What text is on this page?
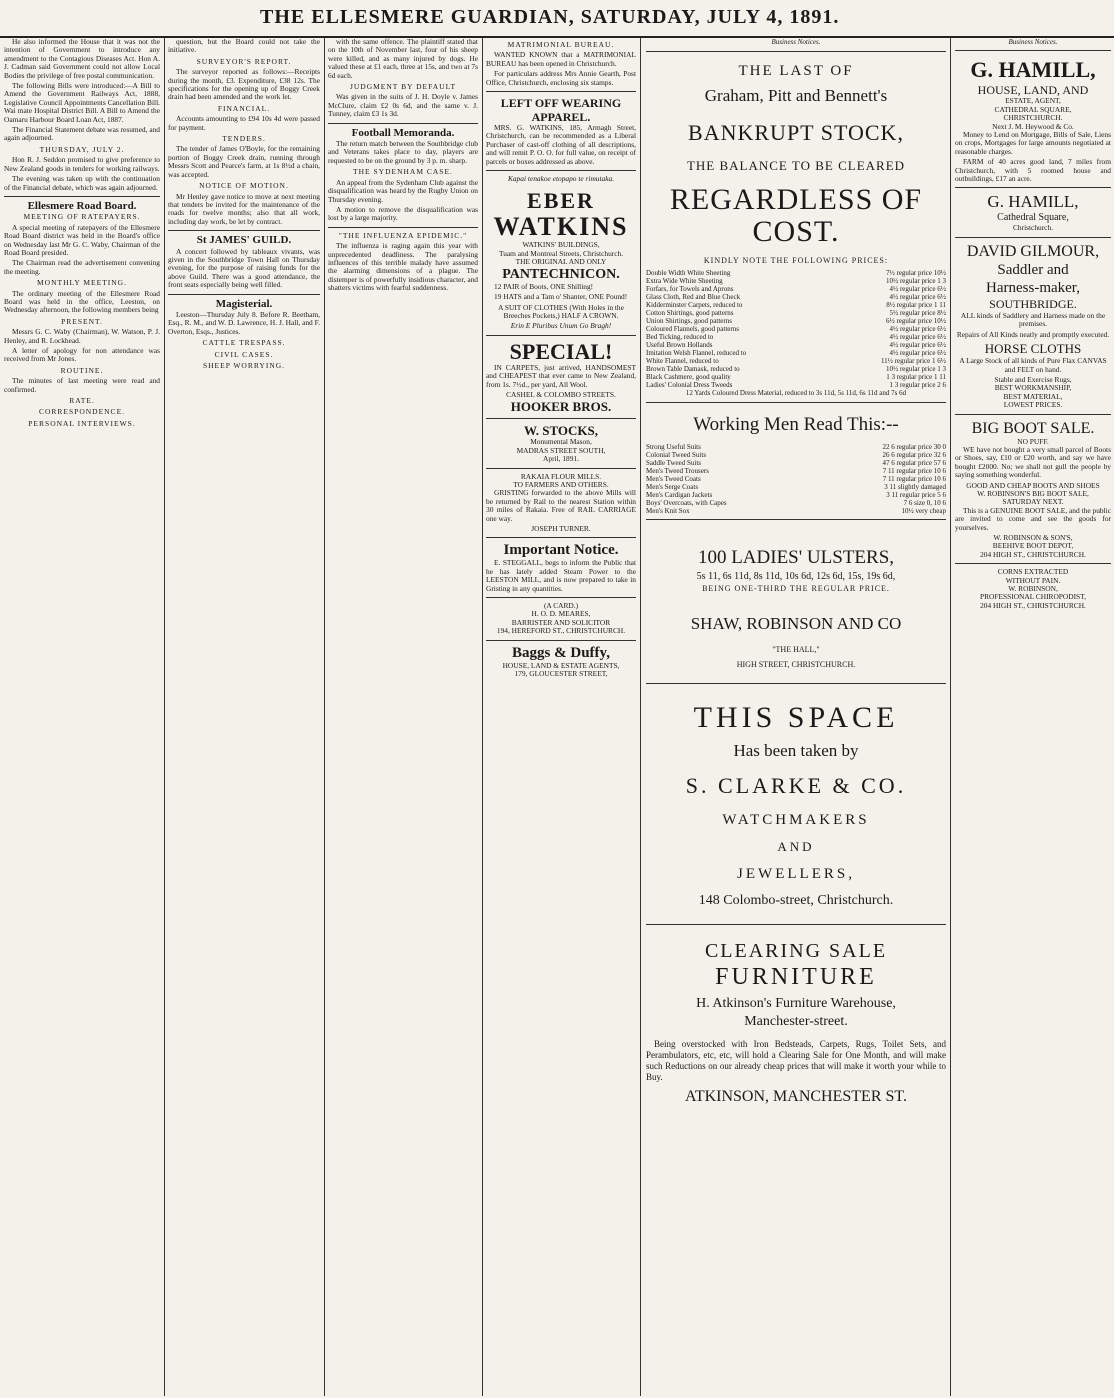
THE ELLESMERE GUARDIAN, SATURDAY, JULY 4, 1891.

He also informed the House that it was not the intention of Government to introduce any amendment to the Contagious Diseases Act. Hon A. J. Cadman said Government could not allow Local Bodies the privilege of free postal communication.

The following Bills were introduced:—A Bill to Amend the Government Railways Act, 1888, Legislative Council Appointments Cancellation Bill. Wai mate Hospital District Bill. A Bill to Amend the Oamaru Harbour Board Loan Act, 1887.

The Financial Statement debate was resumed, and again adjourned.

THURSDAY, JULY 2.

Hon R. J. Seddon promised to give preference to New Zealand goods in tenders for working railways.

The evening was taken up with the continuation of the Financial debate, which was again adjourned.

Ellesmere Road Board.
MEETING OF RATEPAYERS.

A special meeting of ratepayers of the Ellesmere Road Board district was held in the Board's office on Wednesday last Mr G. C. Waby, Chairman of the Road Board presided.

The Chairman read the advertisement convening the meeting.

MONTHLY MEETING.

The ordinary meeting of the Ellesmere Road Board was held in the office, Leeston, on Wednesday afternoon, the following members being

PRESENT.

Messrs G. C. Waby (Chairman), W. Watson, P. J. Henley, and R. Lockhead.

A letter of apology for non attendance was received from Mr Jones.

ROUTINE.

The minutes of last meeting were read and confirmed.

RATE.
CORRESPONDENCE.
PERSONAL INTERVIEWS.

question, but the Board could not take the initiative.

SURVEYOR'S REPORT.

The surveyor reported as follows:—Receipts during the month, £3. Expenditure, £38 12s. The specifications for the opening up of Boggy Creek drain had been amended and the work let.

FINANCIAL.

Accounts amounting to £94 10s 4d were passed for payment.

TENDERS.

The tender of James O'Boyle, for the remaining portion of Boggy Creek drain, running through Messrs Scott and Pearce's farm, at 1s 8½d a chain, was accepted.

NOTICE OF MOTION.

Mr Henley gave notice to move at next meeting that tenders be invited for the maintenance of the roads for twelve months; also that all work, including day work, be let by contract.

St JAMES' GUILD.

A concert followed by tableaux vivants, was given in the Southbridge Town Hall on Thursday evening, for the purpose of raising funds for the above Guild. There was a good attendance, the front seats especially being well filled.

Magisterial.

Leeston—Thursday July 8. Before R. Beetham, Esq., R. M., and W. D. Lawrence, H. J. Hall, and F. Overton, Esqs., Justices.

CATTLE TRESPASS.
CIVIL CASES.
SHEEP WORRYING.

with the same offence. The plaintiff stated that on the 10th of November last, four of his sheep were killed, and as many injured by dogs. He valued these at £1 each, three at 15s, and two at 7s 6d each.

JUDGMENT BY DEFAULT

Was given in the suits of J. H. Doyle v. James McClure, claim £2 0s 6d, and the same v. J. Tunney, claim £3 1s 3d.

Football Memoranda.

The return match between the Southbridge club and Veterans takes place to day, players are requested to be on the ground by 3 p. m. sharp.

THE SYDENHAM CASE.

An appeal from the Sydenham Club against the disqualification was heard by the Rugby Union on Thursday evening.

A motion to remove the disqualification was lost by a large majority.

"THE INFLUENZA EPIDEMIC."

The influenza is raging again this year with unprecedented deadliness. The paralysing influences of this terrible malady have assumed the alarming dimensions of a plague. The distemper is of powerfully insidious character, and shatters victims with fearful suddenness.

MATRIMONIAL BUREAU.

WANTED KNOWN that a MATRIMONIAL BUREAU has been opened in Christchurch.

For particulars address Mrs Annie Gearth, Post Office, Christchurch, enclosing six stamps.

LEFT OFF WEARING APPAREL.

MRS. G. WATKINS, 185, Armagh Street, Christchurch, can be recommended as a Liberal Purchaser of cast-off clothing of all descriptions, and will remit P. O. O. for full value, on receipt of parcels or boxes addressed as above.

Kapai tenakoe etopapo te rimutaka.
EBER
WATKINS
WATKINS' BUILDINGS,
Tuam and Montreal Streets, Christchurch.
THE ORIGINAL AND ONLY
PANTECHNICON.

12 PAIR of Boots, ONE Shilling!

19 HATS and a Tam o' Shanter, ONE Pound!

A SUIT OF CLOTHES (With Holes in the Breeches Pockets,) HALF A CROWN.

Erin E Pluribus Unum Go Bragh!
SPECIAL!

IN CARPETS, just arrived, HANDSOMEST and CHEAPEST that ever came to New Zealand, from 1s. 7½d., per yard, All Wool.

CASHEL & COLOMBO STREETS.
HOOKER BROS.
W. STOCKS,
Monumental Mason,
MADRAS STREET SOUTH,
April, 1891.
RAKAIA FLOUR MILLS.
TO FARMERS AND OTHERS.

GRISTING forwarded to the above Mills will be returned by Rail to the nearest Station within 30 miles of Rakaia. Free of RAIL CARRIAGE one way.

JOSEPH TURNER.
Important Notice.

E. STEGGALL, begs to inform the Public that he has lately added Steam Power to the LEESTON MILL, and is now prepared to take in Gristing in any quantities.

(A CARD.)
H. O. D. MEARES,
BARRISTER AND SOLICITOR
194, HEREFORD ST., CHRISTCHURCH.
Baggs & Duffy,
HOUSE, LAND & ESTATE AGENTS,
179, GLOUCESTER STREET,
Business Notices.
THE LAST OF
Graham, Pitt and Bennett's
BANKRUPT STOCK,
THE BALANCE TO BE CLEARED
REGARDLESS OF
COST.
KINDLY NOTE THE FOLLOWING PRICES:
Double Width White Sheeting	7½ regular price 10½
Extra Wide White Sheeting	10½ regular price 1 3
Forfars, for Towels and Aprons	4½ regular price 6½
Glass Cloth, Red and Blue Check	4½ regular price 6½
Kidderminster Carpets, reduced to	8½ regular price 1 11
Cotton Shirtings, good patterns	5½ regular price 8½
Union Shirtings, good patterns	6½ regular price 10½
Coloured Flannels, good patterns	4½ regular price 6½
Bed Ticking, reduced to	4½ regular price 6½
Useful Brown Hollands	4½ regular price 6½
Imitation Welsh Flannel, reduced to	4½ regular price 6½
White Flannel, reduced to	11½ regular price 1 6½
Brown Table Damask, reduced to	10½ regular price 1 3
Black Cashmere, good quality	1 3 regular price 1 11
Ladies' Colonial Dress Tweeds	1 3 regular price 2 6
12 Yards Coloured Dress Material, reduced to 3s 11d, 5s 11d, 6s 11d and 7s 6d
Working Men Read This:--
Strong Useful Suits	22 6 regular price 30 0
Colonial Tweed Suits	26 6 regular price 32 6
Saddle Tweed Suits	47 6 regular price 57 6
Men's Tweed Trousers	7 11 regular price 10 6
Men's Tweed Coats	7 11 regular price 10 6
Men's Serge Coats	3 11 slightly damaged
Men's Cardigan Jackets	3 11 regular price 5 6
Boys' Overcoats, with Capes	7 6 size 0, 10 6
Men's Knit Sox	10½ very cheap
100 LADIES' ULSTERS,
5s 11, 6s 11d, 8s 11d, 10s 6d, 12s 6d, 15s, 19s 6d,
BEING ONE-THIRD THE REGULAR PRICE.
SHAW, ROBINSON AND CO
"THE HALL,"
HIGH STREET, CHRISTCHURCH.
THIS SPACE
Has been taken by
S. CLARKE & CO.
WATCHMAKERS
AND
JEWELLERS,
148 Colombo-street, Christchurch.
CLEARING SALE
FURNITURE
H. Atkinson's Furniture Warehouse,
Manchester-street.

Being overstocked with Iron Bedsteads, Carpets, Rugs, Toilet Sets, and Perambulators, etc, etc, will hold a Clearing Sale for One Month, and will make such Reductions on our already cheap prices that will make it worth your while to Buy.

ATKINSON, MANCHESTER ST.
Business Notices.
G. HAMILL,
HOUSE, LAND, AND
ESTATE, AGENT,
CATHEDRAL SQUARE,
CHRISTCHURCH.
Next J. M. Heywood & Co.

Money to Lend on Mortgage, Bills of Sale, Liens on crops, Mortgages for large amounts negotiated at reasonable charges.

FARM of 40 acres good land, 7 miles from Christchurch, with 5 roomed house and outbuildings, £17 an acre.

G. HAMILL,
Cathedral Square,
Christchurch.
DAVID GILMOUR,
Saddler and
Harness-maker,
SOUTHBRIDGE.

ALL kinds of Saddlery and Harness made on the premises.

Repairs of All Kinds neatly and promptly executed.

HORSE CLOTHS

A Large Stock of all kinds of Pure Flax CANVAS and FELT on hand.

Stable and Exercise Rugs,
BEST WORKMANSHIP,
BEST MATERIAL,
LOWEST PRICES.
BIG BOOT SALE.
NO PUFF.

WE have not bought a very small parcel of Boots or Shoes, say, £10 or £20 worth, and say we have bought £2000. No; we shall not gull the people by saying something wonderful.

GOOD AND CHEAP BOOTS AND SHOES
W. ROBINSON'S BIG BOOT SALE,
SATURDAY NEXT.

This is a GENUINE BOOT SALE, and the public are invited to come and see the goods for yourselves.

W. ROBINSON & SON'S,
BEEHIVE BOOT DEPOT,
204 HIGH ST., CHRISTCHURCH.
CORNS EXTRACTED
WITHOUT PAIN.
W. ROBINSON,
PROFESSIONAL CHIROPODIST,
204 HIGH ST., CHRISTCHURCH.
